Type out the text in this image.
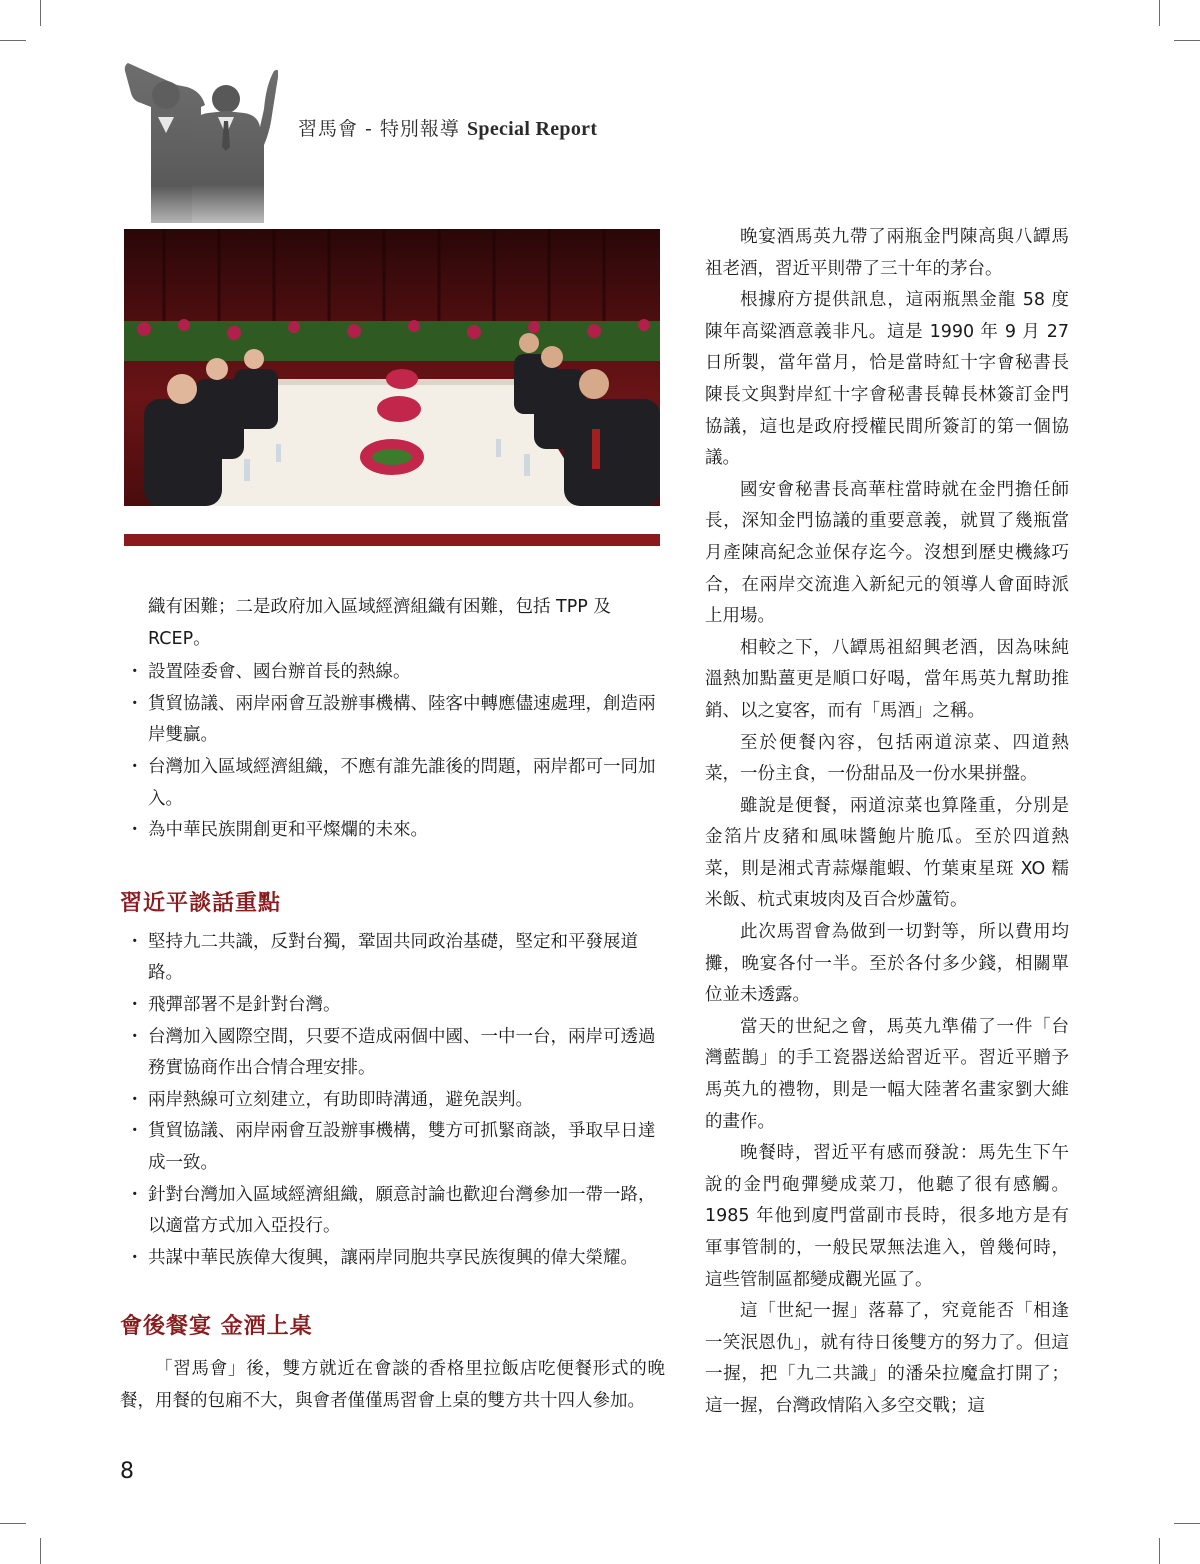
習馬會 - 特別報導 Special Report

織有困難；二是政府加入區域經濟組織有困難，包括 TPP 及 RCEP。

・ 設置陸委會、國台辦首長的熱線。
・ 貨貿協議、兩岸兩會互設辦事機構、陸客中轉應儘速處理，創造兩岸雙贏。
・ 台灣加入區域經濟組織，不應有誰先誰後的問題，兩岸都可一同加入。
・ 為中華民族開創更和平燦爛的未來。
習近平談話重點
・ 堅持九二共識，反對台獨，鞏固共同政治基礎，堅定和平發展道路。
・ 飛彈部署不是針對台灣。
・ 台灣加入國際空間，只要不造成兩個中國、一中一台，兩岸可透過務實協商作出合情合理安排。
・ 兩岸熱線可立刻建立，有助即時溝通，避免誤判。
・ 貨貿協議、兩岸兩會互設辦事機構，雙方可抓緊商談，爭取早日達成一致。
・ 針對台灣加入區域經濟組織，願意討論也歡迎台灣參加一帶一路，以適當方式加入亞投行。
・ 共謀中華民族偉大復興，讓兩岸同胞共享民族復興的偉大榮耀。
會後餐宴 金酒上桌

「習馬會」後，雙方就近在會談的香格里拉飯店吃便餐形式的晚餐，用餐的包廂不大，與會者僅僅馬習會上桌的雙方共十四人參加。

晚宴酒馬英九帶了兩瓶金門陳高與八罈馬祖老酒，習近平則帶了三十年的茅台。

根據府方提供訊息，這兩瓶黑金龍 58 度陳年高粱酒意義非凡。這是 1990 年 9 月 27 日所製，當年當月，恰是當時紅十字會秘書長陳長文與對岸紅十字會秘書長韓長林簽訂金門協議，這也是政府授權民間所簽訂的第一個協議。

國安會秘書長高華柱當時就在金門擔任師長，深知金門協議的重要意義，就買了幾瓶當月產陳高紀念並保存迄今。沒想到歷史機緣巧合，在兩岸交流進入新紀元的領導人會面時派上用場。

相較之下，八罈馬祖紹興老酒，因為味純溫熱加點薑更是順口好喝，當年馬英九幫助推銷、以之宴客，而有「馬酒」之稱。

至於便餐內容，包括兩道涼菜、四道熱菜，一份主食，一份甜品及一份水果拼盤。

雖說是便餐，兩道涼菜也算隆重，分別是金箔片皮豬和風味醬鮑片脆瓜。至於四道熱菜，則是湘式青蒜爆龍蝦、竹葉東星斑 XO 糯米飯、杭式東坡肉及百合炒蘆筍。

此次馬習會為做到一切對等，所以費用均攤，晚宴各付一半。至於各付多少錢，相關單位並未透露。

當天的世紀之會，馬英九準備了一件「台灣藍鵲」的手工瓷器送給習近平。習近平贈予馬英九的禮物，則是一幅大陸著名畫家劉大維的畫作。

晚餐時，習近平有感而發說：馬先生下午說的金門砲彈變成菜刀，他聽了很有感觸。1985 年他到廈門當副市長時，很多地方是有軍事管制的，一般民眾無法進入，曾幾何時，這些管制區都變成觀光區了。

這「世紀一握」落幕了，究竟能否「相逢一笑泯恩仇」，就有待日後雙方的努力了。但這一握，把「九二共識」的潘朵拉魔盒打開了；這一握，台灣政情陷入多空交戰；這

8
